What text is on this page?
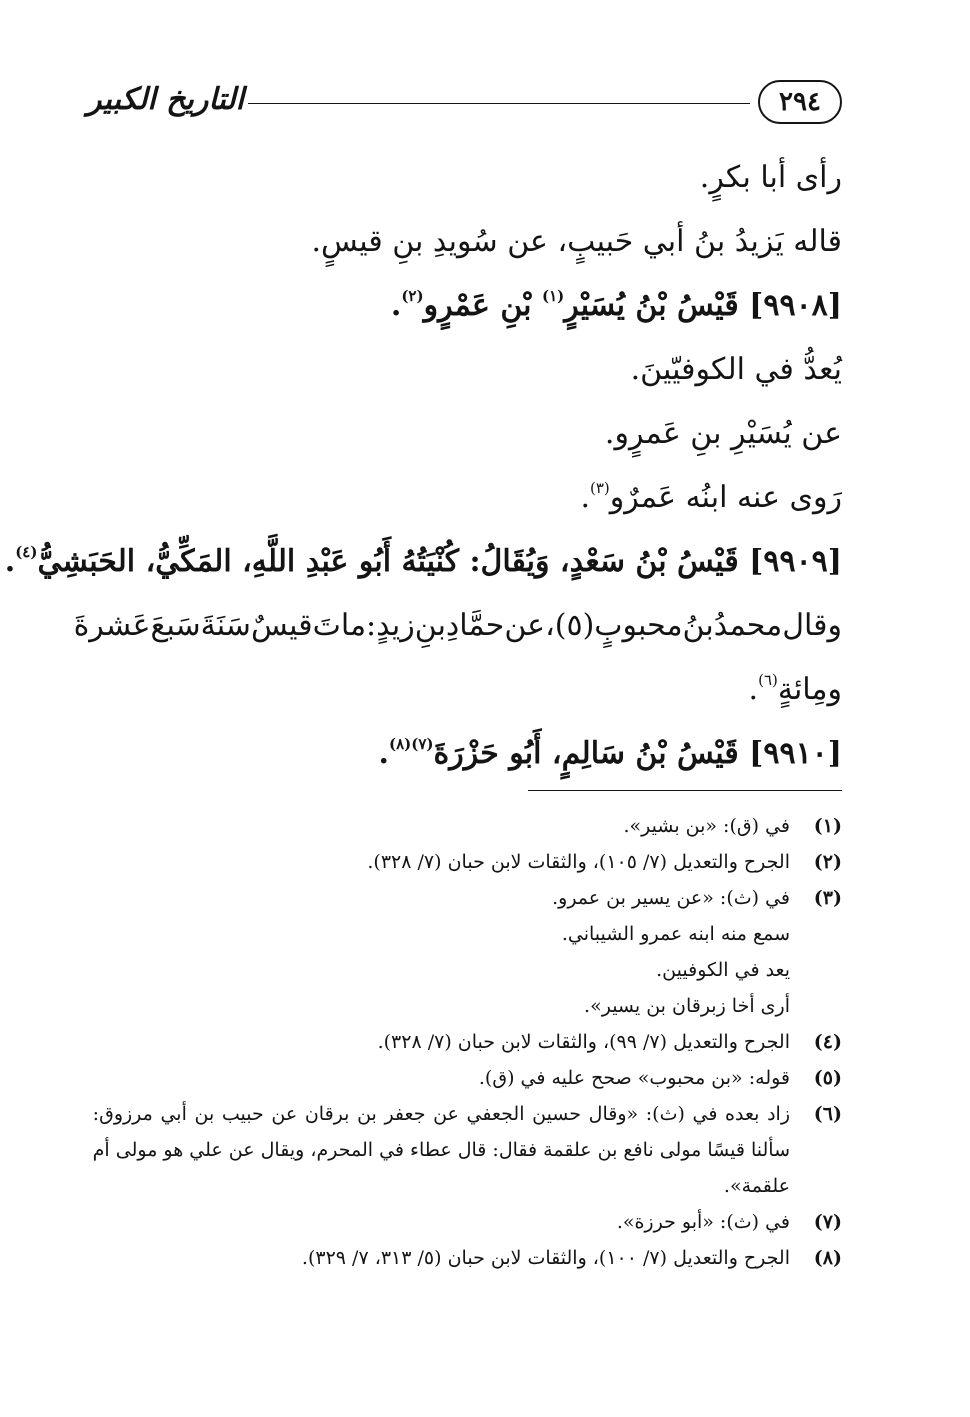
٢٩٤
التاريخ الكبير
رأى أبا بكرٍ.
قاله يَزيدُ بنُ أبي حَبيبٍ، عن سُويدِ بنِ قيسٍ.
[٩٩٠٨] قَيْسُ بْنُ يُسَيْرٍ$^{(١)}$ بْنِ عَمْرٍو$^{(٢)}$.
يُعدُّ في الكوفيّينَ.
عن يُسَيْرِ بنِ عَمرٍو.
رَوى عنه ابنُه عَمرٌو$^{(٣)}$.
[٩٩٠٩] قَيْسُ بْنُ سَعْدٍ، وَيُقَالُ: كُنْيَتُهُ أَبُو عَبْدِ اللَّهِ، المَكِّيُّ، الحَبَشِيُّ$^{(٤)}$.
وقال
محمدُ
بنُ
محبوبٍ(٥)،
عن
حمَّادِ
بنِ
زيدٍ:
ماتَ
قيسٌ
سَنَةَ
سَبعَ
عَشرةَ
ومِائةٍ$^{(٦)}$.
[٩٩١٠] قَيْسُ بْنُ سَالِمٍ، أَبُو حَزْرَةَ$^{(٧)(٨)}$.
(١)
في (ق): «بن بشير».
(٢)
الجرح والتعديل (٧/ ١٠٥)، والثقات لابن حبان (٧/ ٣٢٨).
(٣)
في (ث): «عن يسير بن عمرو.
سمع منه ابنه عمرو الشيباني.
يعد في الكوفيين.
أرى أخا زبرقان بن يسير».
(٤)
الجرح والتعديل (٧/ ٩٩)، والثقات لابن حبان (٧/ ٣٢٨).
(٥)
قوله: «بن محبوب» صحح عليه في (ق).
(٦)
زاد بعده في (ث): «وقال حسين الجعفي عن جعفر بن برقان عن حبيب بن أبي مرزوق:
سألنا قيسًا مولى نافع بن علقمة فقال: قال عطاء في المحرم، ويقال عن علي هو مولى أم
علقمة».
(٧)
في (ث): «أبو حرزة».
(٨)
الجرح والتعديل (٧/ ١٠٠)، والثقات لابن حبان (٥/ ٣١٣، ٧/ ٣٢٩).
